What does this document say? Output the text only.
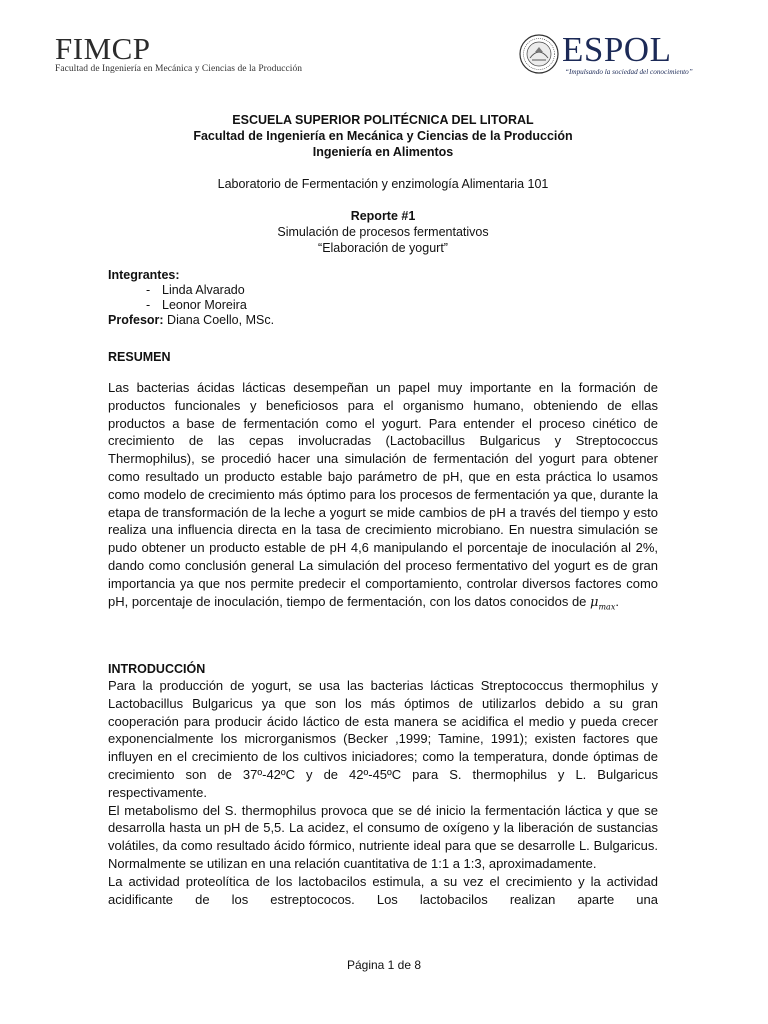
FIMCP
Facultad de Ingeniería en Mecánica y Ciencias de la Producción	ESPOL
“Impulsando la sociedad del conocimiento”
ESCUELA SUPERIOR POLITÉCNICA DEL LITORAL
Facultad de Ingeniería en Mecánica y Ciencias de la Producción
Ingeniería en Alimentos
Laboratorio de Fermentación y enzimología Alimentaria 101
Reporte #1
Simulación de procesos fermentativos
“Elaboración de yogurt”
Integrantes:
- Linda Alvarado
- Leonor Moreira
Profesor: Diana Coello, MSc.
RESUMEN

Las bacterias ácidas lácticas desempeñan un papel muy importante en la formación de productos funcionales y beneficiosos para el organismo humano, obteniendo de ellas productos a base de fermentación como el yogurt. Para entender el proceso cinético de crecimiento de las cepas involucradas (Lactobacillus Bulgaricus y Streptococcus Thermophilus), se procedió hacer una simulación de fermentación del yogurt para obtener como resultado un producto estable bajo parámetro de pH, que en esta práctica lo usamos como modelo de crecimiento más óptimo para los procesos de fermentación ya que, durante la etapa de transformación de la leche a yogurt se mide cambios de pH a través del tiempo y esto realiza una influencia directa en la tasa de crecimiento microbiano. En nuestra simulación se pudo obtener un producto estable de pH 4,6 manipulando el porcentaje de inoculación al 2%, dando como conclusión general La simulación del proceso fermentativo del yogurt es de gran importancia ya que nos permite predecir el comportamiento, controlar diversos factores como pH, porcentaje de inoculación, tiempo de fermentación, con los datos conocidos de $\mu_{max}$.

INTRODUCCIÓN

Para la producción de yogurt, se usa las bacterias lácticas Streptococcus thermophilus y Lactobacillus Bulgaricus ya que son los más óptimos de utilizarlos debido a su gran cooperación para producir ácido láctico de esta manera se acidifica el medio y pueda crecer exponencialmente los microrganismos (Becker ,1999; Tamine, 1991); existen factores que influyen en el crecimiento de los cultivos iniciadores; como la temperatura, donde óptimas de crecimiento son de 37º-42ºC y de 42º-45ºC para S. thermophilus y L. Bulgaricus respectivamente.

El metabolismo del S. thermophilus provoca que se dé inicio la fermentación láctica y que se desarrolla hasta un pH de 5,5. La acidez, el consumo de oxígeno y la liberación de sustancias volátiles, da como resultado ácido fórmico, nutriente ideal para que se desarrolle L. Bulgaricus. Normalmente se utilizan en una relación cuantitativa de 1:1 a 1:3, aproximadamente.

La actividad proteolítica de los lactobacilos estimula, a su vez el crecimiento y la actividad acidificante de los estreptococos. Los lactobacilos realizan aparte una

Página 1 de 8
